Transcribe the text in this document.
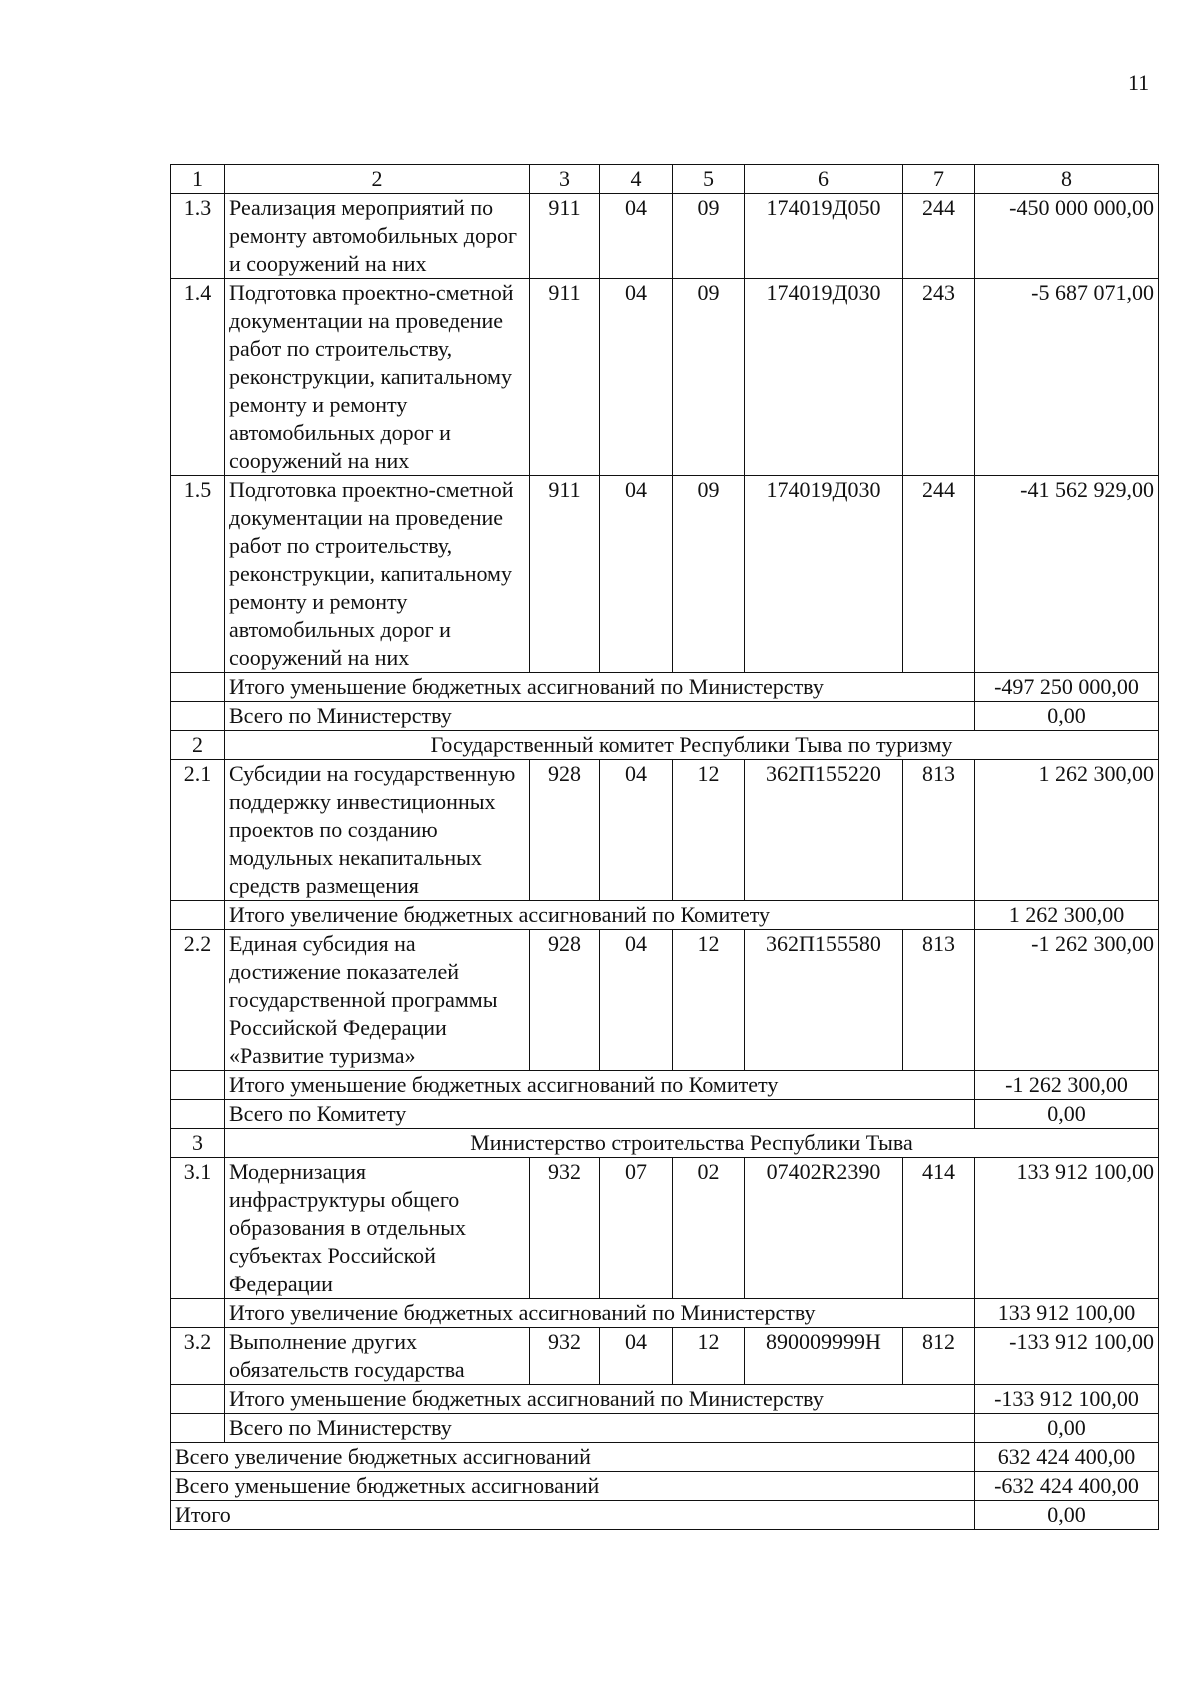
11
1	2	3	4	5	6	7	8
1.3	Реализация мероприятий по ремонту автомобильных дорог и сооружений на них	911	04	09	174019Д050	244	-450 000 000,00
1.4	Подготовка проектно-сметной документации на проведение работ по строительству, реконструкции, капитальному ремонту и ремонту автомобильных дорог и сооружений на них	911	04	09	174019Д030	243	-5 687 071,00
1.5	Подготовка проектно-сметной документации на проведение работ по строительству, реконструкции, капитальному ремонту и ремонту автомобильных дорог и сооружений на них	911	04	09	174019Д030	244	-41 562 929,00
	Итого уменьшение бюджетных ассигнований по Министерству						-497 250 000,00
	Всего по Министерству						0,00
2	Государственный комитет Республики Тыва по туризму						
2.1	Субсидии на государственную поддержку инвестиционных проектов по созданию модульных некапитальных средств размещения	928	04	12	362П155220	813	1 262 300,00
	Итого увеличение бюджетных ассигнований по Комитету						1 262 300,00
2.2	Единая субсидия на достижение показателей государственной программы Российской Федерации «Развитие туризма»	928	04	12	362П155580	813	-1 262 300,00
	Итого уменьшение бюджетных ассигнований по Комитету						-1 262 300,00
	Всего по Комитету						0,00
3	Министерство строительства Республики Тыва						
3.1	Модернизация инфраструктуры общего образования в отдельных субъектах Российской Федерации	932	07	02	07402R2390	414	133 912 100,00
	Итого увеличение бюджетных ассигнований по Министерству						133 912 100,00
3.2	Выполнение других обязательств государства	932	04	12	890009999Н	812	-133 912 100,00
	Итого уменьшение бюджетных ассигнований по Министерству						-133 912 100,00
	Всего по Министерству						0,00
Всего увеличение бюджетных ассигнований							632 424 400,00
Всего уменьшение бюджетных ассигнований							-632 424 400,00
Итого							0,00
